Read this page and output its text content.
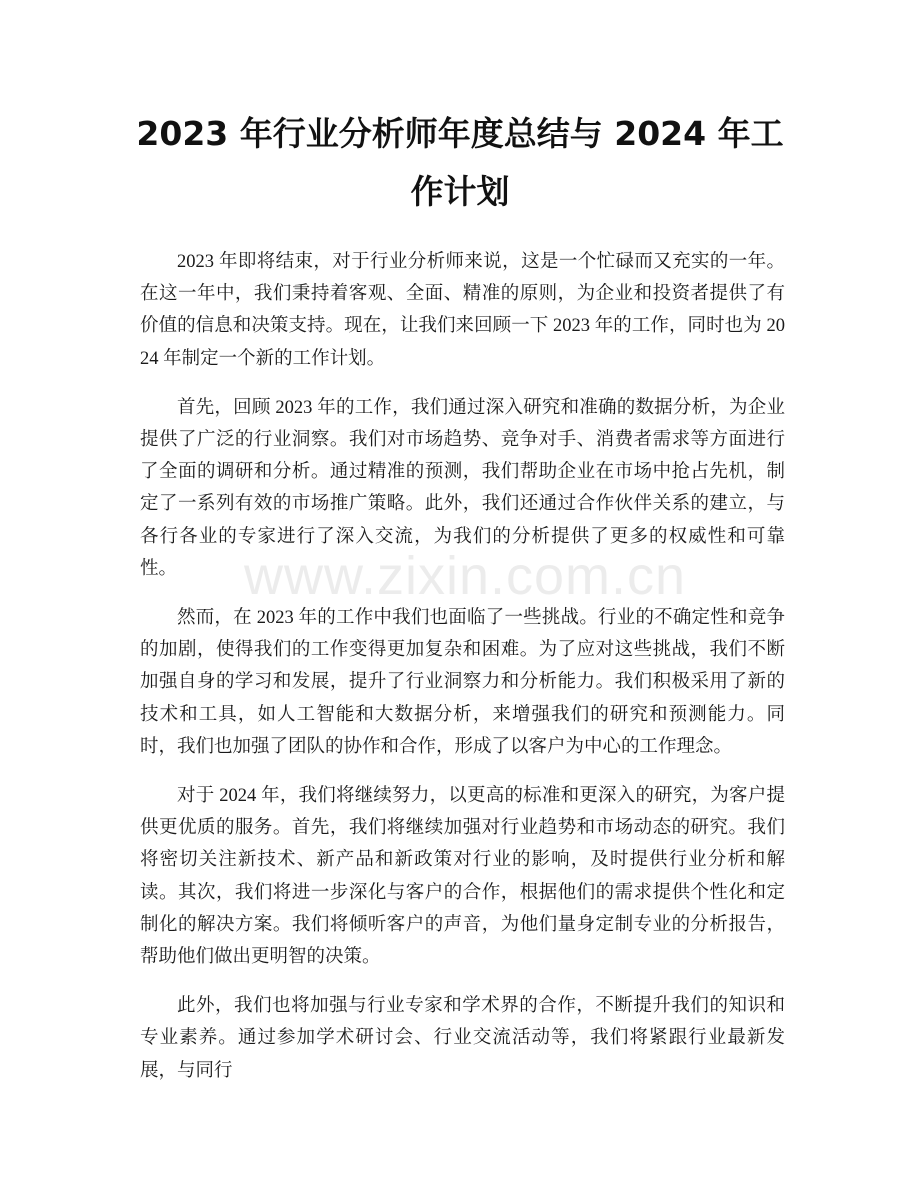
2023 年行业分析师年度总结与 2024 年工作计划

2023 年即将结束，对于行业分析师来说，这是一个忙碌而又充实的一年。在这一年中，我们秉持着客观、全面、精准的原则，为企业和投资者提供了有价值的信息和决策支持。现在，让我们来回顾一下 2023 年的工作，同时也为 2024 年制定一个新的工作计划。

首先，回顾 2023 年的工作，我们通过深入研究和准确的数据分析，为企业提供了广泛的行业洞察。我们对市场趋势、竞争对手、消费者需求等方面进行了全面的调研和分析。通过精准的预测，我们帮助企业在市场中抢占先机，制定了一系列有效的市场推广策略。此外，我们还通过合作伙伴关系的建立，与各行各业的专家进行了深入交流，为我们的分析提供了更多的权威性和可靠性。

然而，在 2023 年的工作中我们也面临了一些挑战。行业的不确定性和竞争的加剧，使得我们的工作变得更加复杂和困难。为了应对这些挑战，我们不断加强自身的学习和发展，提升了行业洞察力和分析能力。我们积极采用了新的技术和工具，如人工智能和大数据分析，来增强我们的研究和预测能力。同时，我们也加强了团队的协作和合作，形成了以客户为中心的工作理念。

对于 2024 年，我们将继续努力，以更高的标准和更深入的研究，为客户提供更优质的服务。首先，我们将继续加强对行业趋势和市场动态的研究。我们将密切关注新技术、新产品和新政策对行业的影响，及时提供行业分析和解读。其次，我们将进一步深化与客户的合作，根据他们的需求提供个性化和定制化的解决方案。我们将倾听客户的声音，为他们量身定制专业的分析报告，帮助他们做出更明智的决策。

此外，我们也将加强与行业专家和学术界的合作，不断提升我们的知识和专业素养。通过参加学术研讨会、行业交流活动等，我们将紧跟行业最新发展，与同行

www.zixin.com.cn
